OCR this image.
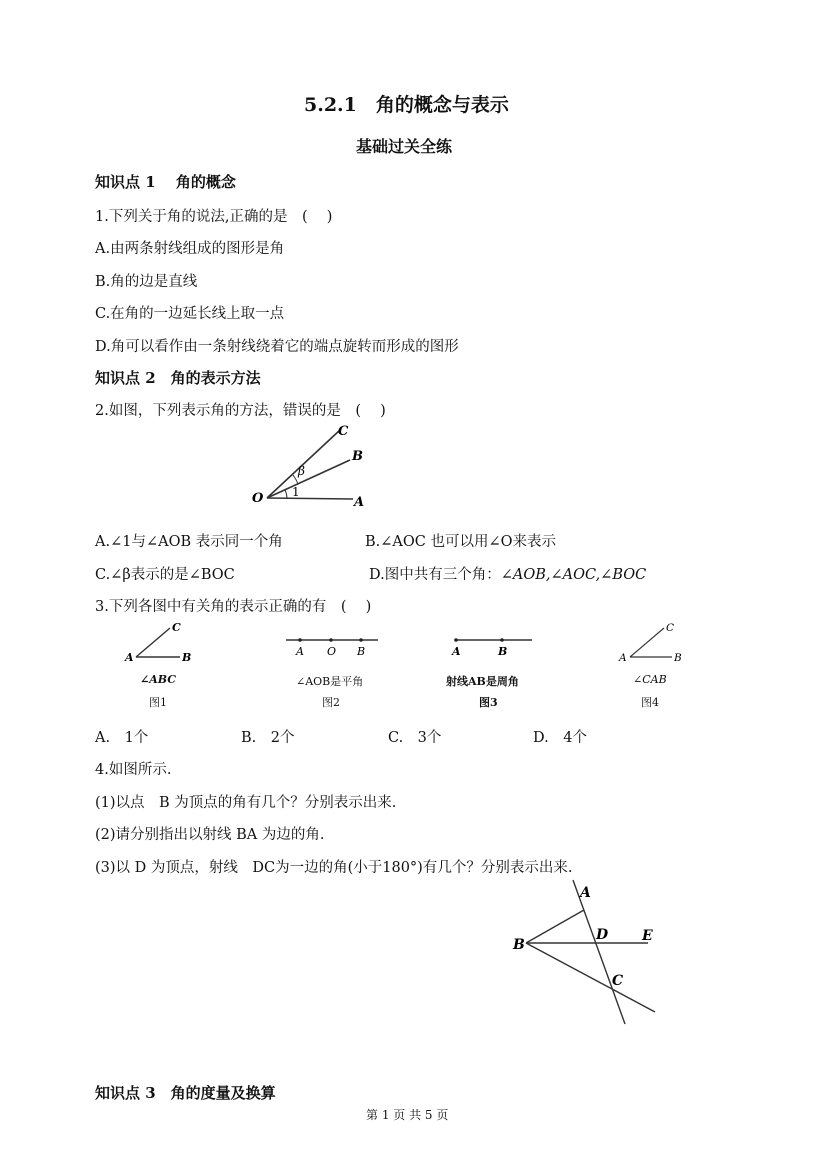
5.2.1　角的概念与表示
基础过关全练
知识点 1　 角的概念
1.下列关于角的说法,正确的是　(　 )
A.由两条射线组成的图形是角
B.角的边是直线
C.在角的一边延长线上取一点
D.角可以看作由一条射线绕着它的端点旋转而形成的图形
知识点 2　角的表示方法
2.如图，下列表示角的方法，错误的是　(　 )
O	A
B
C
1
β
A.∠1与∠AOB 表示同一个角	B.∠AOC 也可以用∠O来表示
C.∠β表示的是∠BOC	D.图中共有三个角：∠AOB,∠AOC,∠BOC
3.下列各图中有关角的表示正确的有　(　 )
A	B
C
∠ABC
图1
A O B
∠AOB是平角
图2
A	B
射线AB是周角
图3
A	B
C
∠CAB
图4
A.　1个	B.　2个	C.　3个	D.　4个
4.如图所示.
(1)以点　B 为顶点的角有几个？分别表示出来.
(2)请分别指出以射线 BA 为边的角.
(3)以 D 为顶点，射线　DC为一边的角(小于180°)有几个？分别表示出来.
A
B
C
D E
知识点 3　角的度量及换算
第 1 页 共 5 页
